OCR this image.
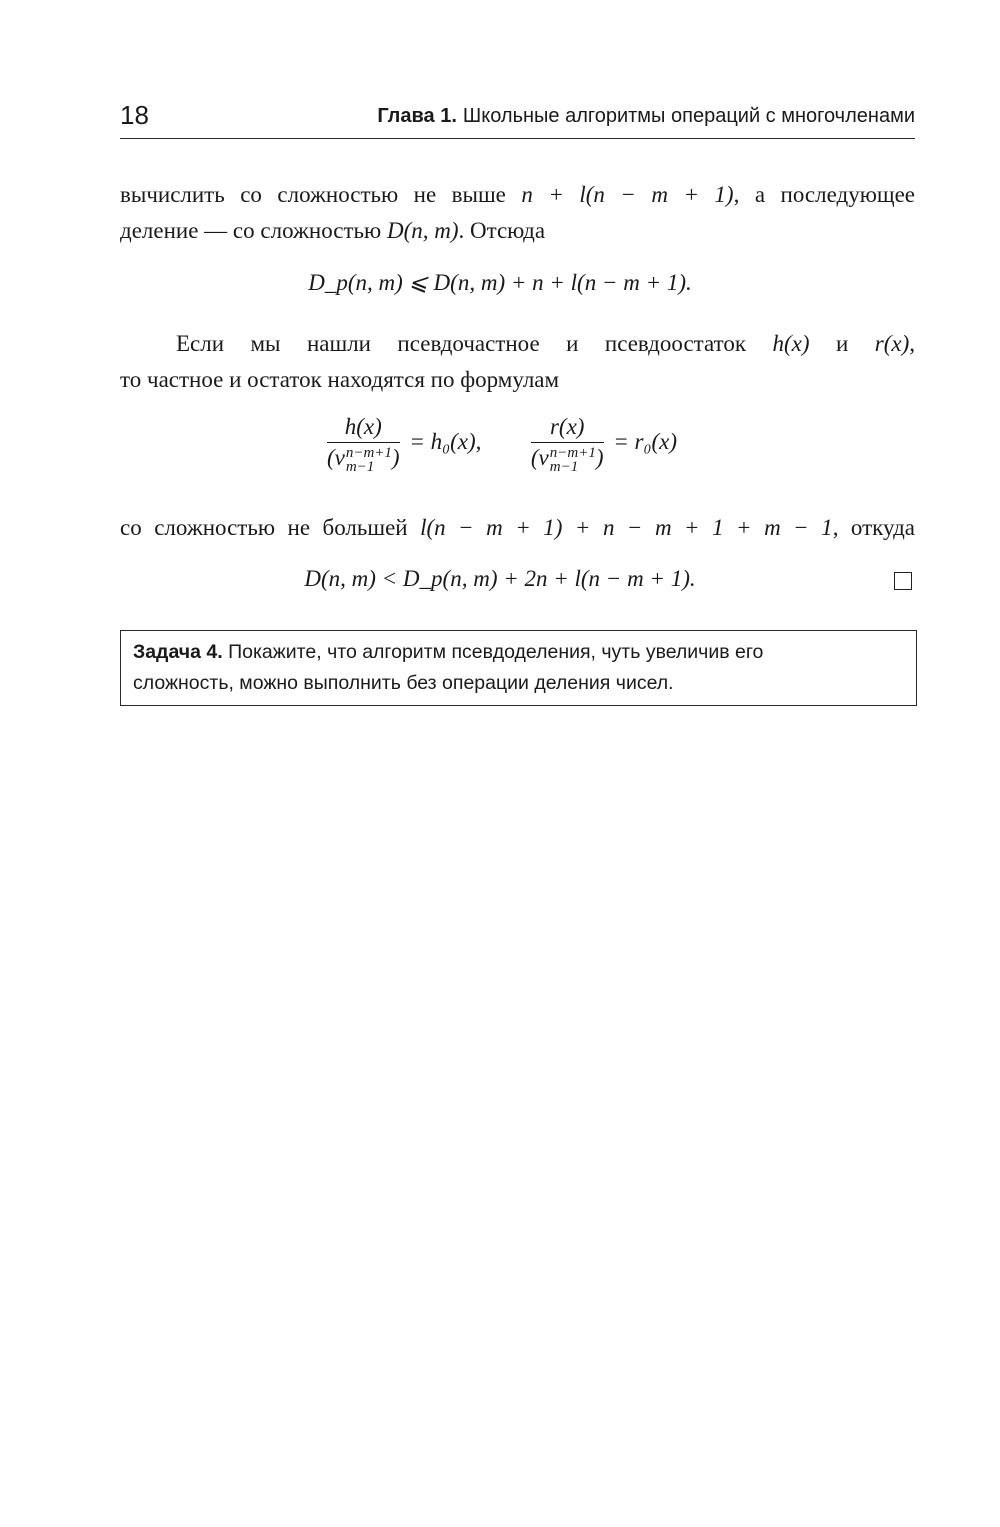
18	Глава 1. Школьные алгоритмы операций с многочленами
вычислить со сложностью не выше n + l(n − m + 1), а последующее
деление — со сложностью D(n, m). Отсюда
D_p(n, m) ⩽ D(n, m) + n + l(n − m + 1).
Если мы нашли псевдочастное и псевдоостаток h(x) и r(x),
то частное и остаток находятся по формулам
h(x)
(v n−m+1
m−1 ) = h₀(x), r(x)
(v n−m+1
m−1 ) = r₀(x)
со сложностью не большей l(n − m + 1) + n − m + 1 + m − 1, откуда
D(n, m) < D_p(n, m) + 2n + l(n − m + 1).
Задача 4. Покажите, что алгоритм псевдоделения, чуть увеличив его
сложность, можно выполнить без операции деления чисел.
